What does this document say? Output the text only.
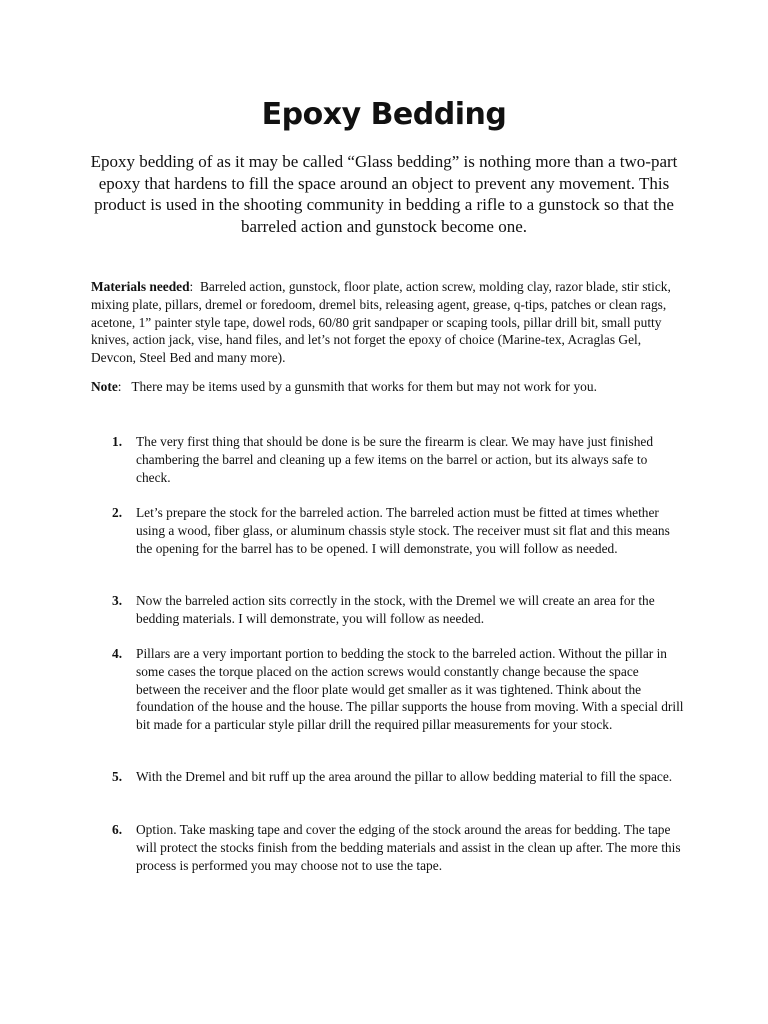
Epoxy Bedding

Epoxy bedding of as it may be called “Glass bedding” is nothing more than a two-part epoxy that hardens to fill the space around an object to prevent any movement. This product is used in the shooting community in bedding a rifle to a gunstock so that the barreled action and gunstock become one.

Materials needed:  Barreled action, gunstock, floor plate, action screw, molding clay, razor blade, stir stick, mixing plate, pillars, dremel or foredoom, dremel bits, releasing agent, grease, q-tips, patches or clean rags, acetone, 1” painter style tape, dowel rods, 60/80 grit sandpaper or scaping tools, pillar drill bit, small putty knives, action jack, vise, hand files, and let’s not forget the epoxy of choice (Marine-tex, Acraglas Gel, Devcon, Steel Bed and many more).

Note:   There may be items used by a gunsmith that works for them but may not work for you.

1.	The very first thing that should be done is be sure the firearm is clear. We may have just finished chambering the barrel and cleaning up a few items on the barrel or action, but its always safe to check.

2.	Let’s prepare the stock for the barreled action. The barreled action must be fitted at times whether using a wood, fiber glass, or aluminum chassis style stock. The receiver must sit flat and this means the opening for the barrel has to be opened. I will demonstrate, you will follow as needed.

3.	Now the barreled action sits correctly in the stock, with the Dremel we will create an area for the bedding materials. I will demonstrate, you will follow as needed.

4.	Pillars are a very important portion to bedding the stock to the barreled action. Without the pillar in some cases the torque placed on the action screws would constantly change because the space between the receiver and the floor plate would get smaller as it was tightened. Think about the foundation of the house and the house. The pillar supports the house from moving. With a special drill bit made for a particular style pillar drill the required pillar measurements for your stock.

5.	With the Dremel and bit ruff up the area around the pillar to allow bedding material to fill the space.

6.	Option. Take masking tape and cover the edging of the stock around the areas for bedding. The tape will protect the stocks finish from the bedding materials and assist in the clean up after. The more this process is performed you may choose not to use the tape.
